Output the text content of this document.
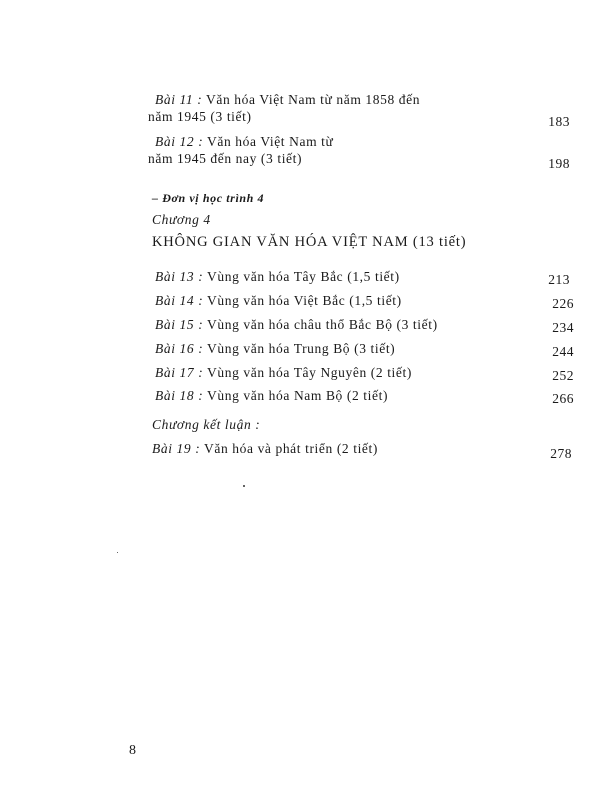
Bài 11 : Văn hóa Việt Nam từ năm 1858 đến
năm 1945 (3 tiết)	183
Bài 12 : Văn hóa Việt Nam từ
năm 1945 đến nay (3 tiết)	198
– Đơn vị học trình 4
Chương 4
KHÔNG GIAN VĂN HÓA VIỆT NAM (13 tiết)
Bài 13 : Vùng văn hóa Tây Bắc (1,5 tiết)	213
Bài 14 : Vùng văn hóa Việt Bắc (1,5 tiết)	226
Bài 15 : Vùng văn hóa châu thổ Bắc Bộ (3 tiết)	234
Bài 16 : Vùng văn hóa Trung Bộ (3 tiết)	244
Bài 17 : Vùng văn hóa Tây Nguyên (2 tiết)	252
Bài 18 : Vùng văn hóa Nam Bộ (2 tiết)	266
Chương kết luận :
Bài 19 : Văn hóa và phát triển (2 tiết)	278
8
